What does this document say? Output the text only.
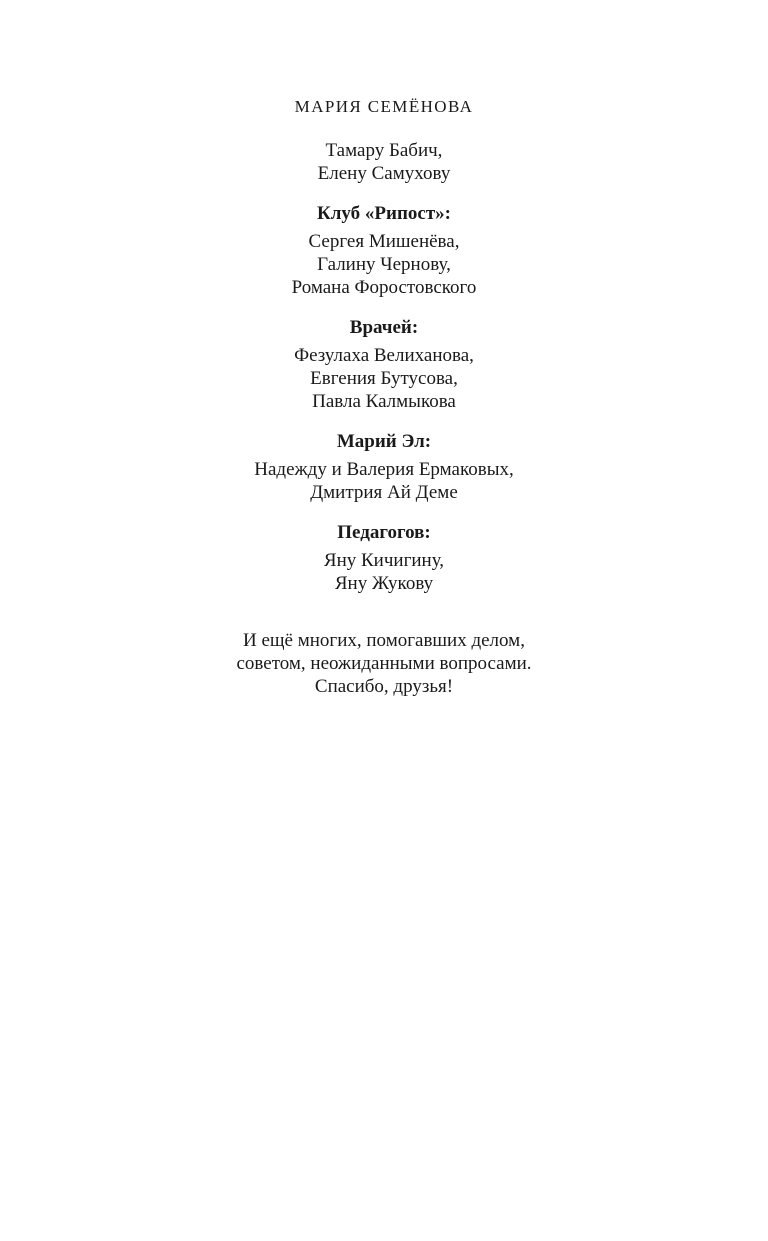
МАРИЯ СЕМЁНОВА
Тамару Бабич,
Елену Самухову
Клуб «Рипост»:
Сергея Мишенёва,
Галину Чернову,
Романа Форостовского
Врачей:
Фезулаха Велиханова,
Евгения Бутусова,
Павла Калмыкова
Марий Эл:
Надежду и Валерия Ермаковых,
Дмитрия Ай Деме
Педагогов:
Яну Кичигину,
Яну Жукову
И ещё многих, помогавших делом,
советом, неожиданными вопросами.
Спасибо, друзья!
